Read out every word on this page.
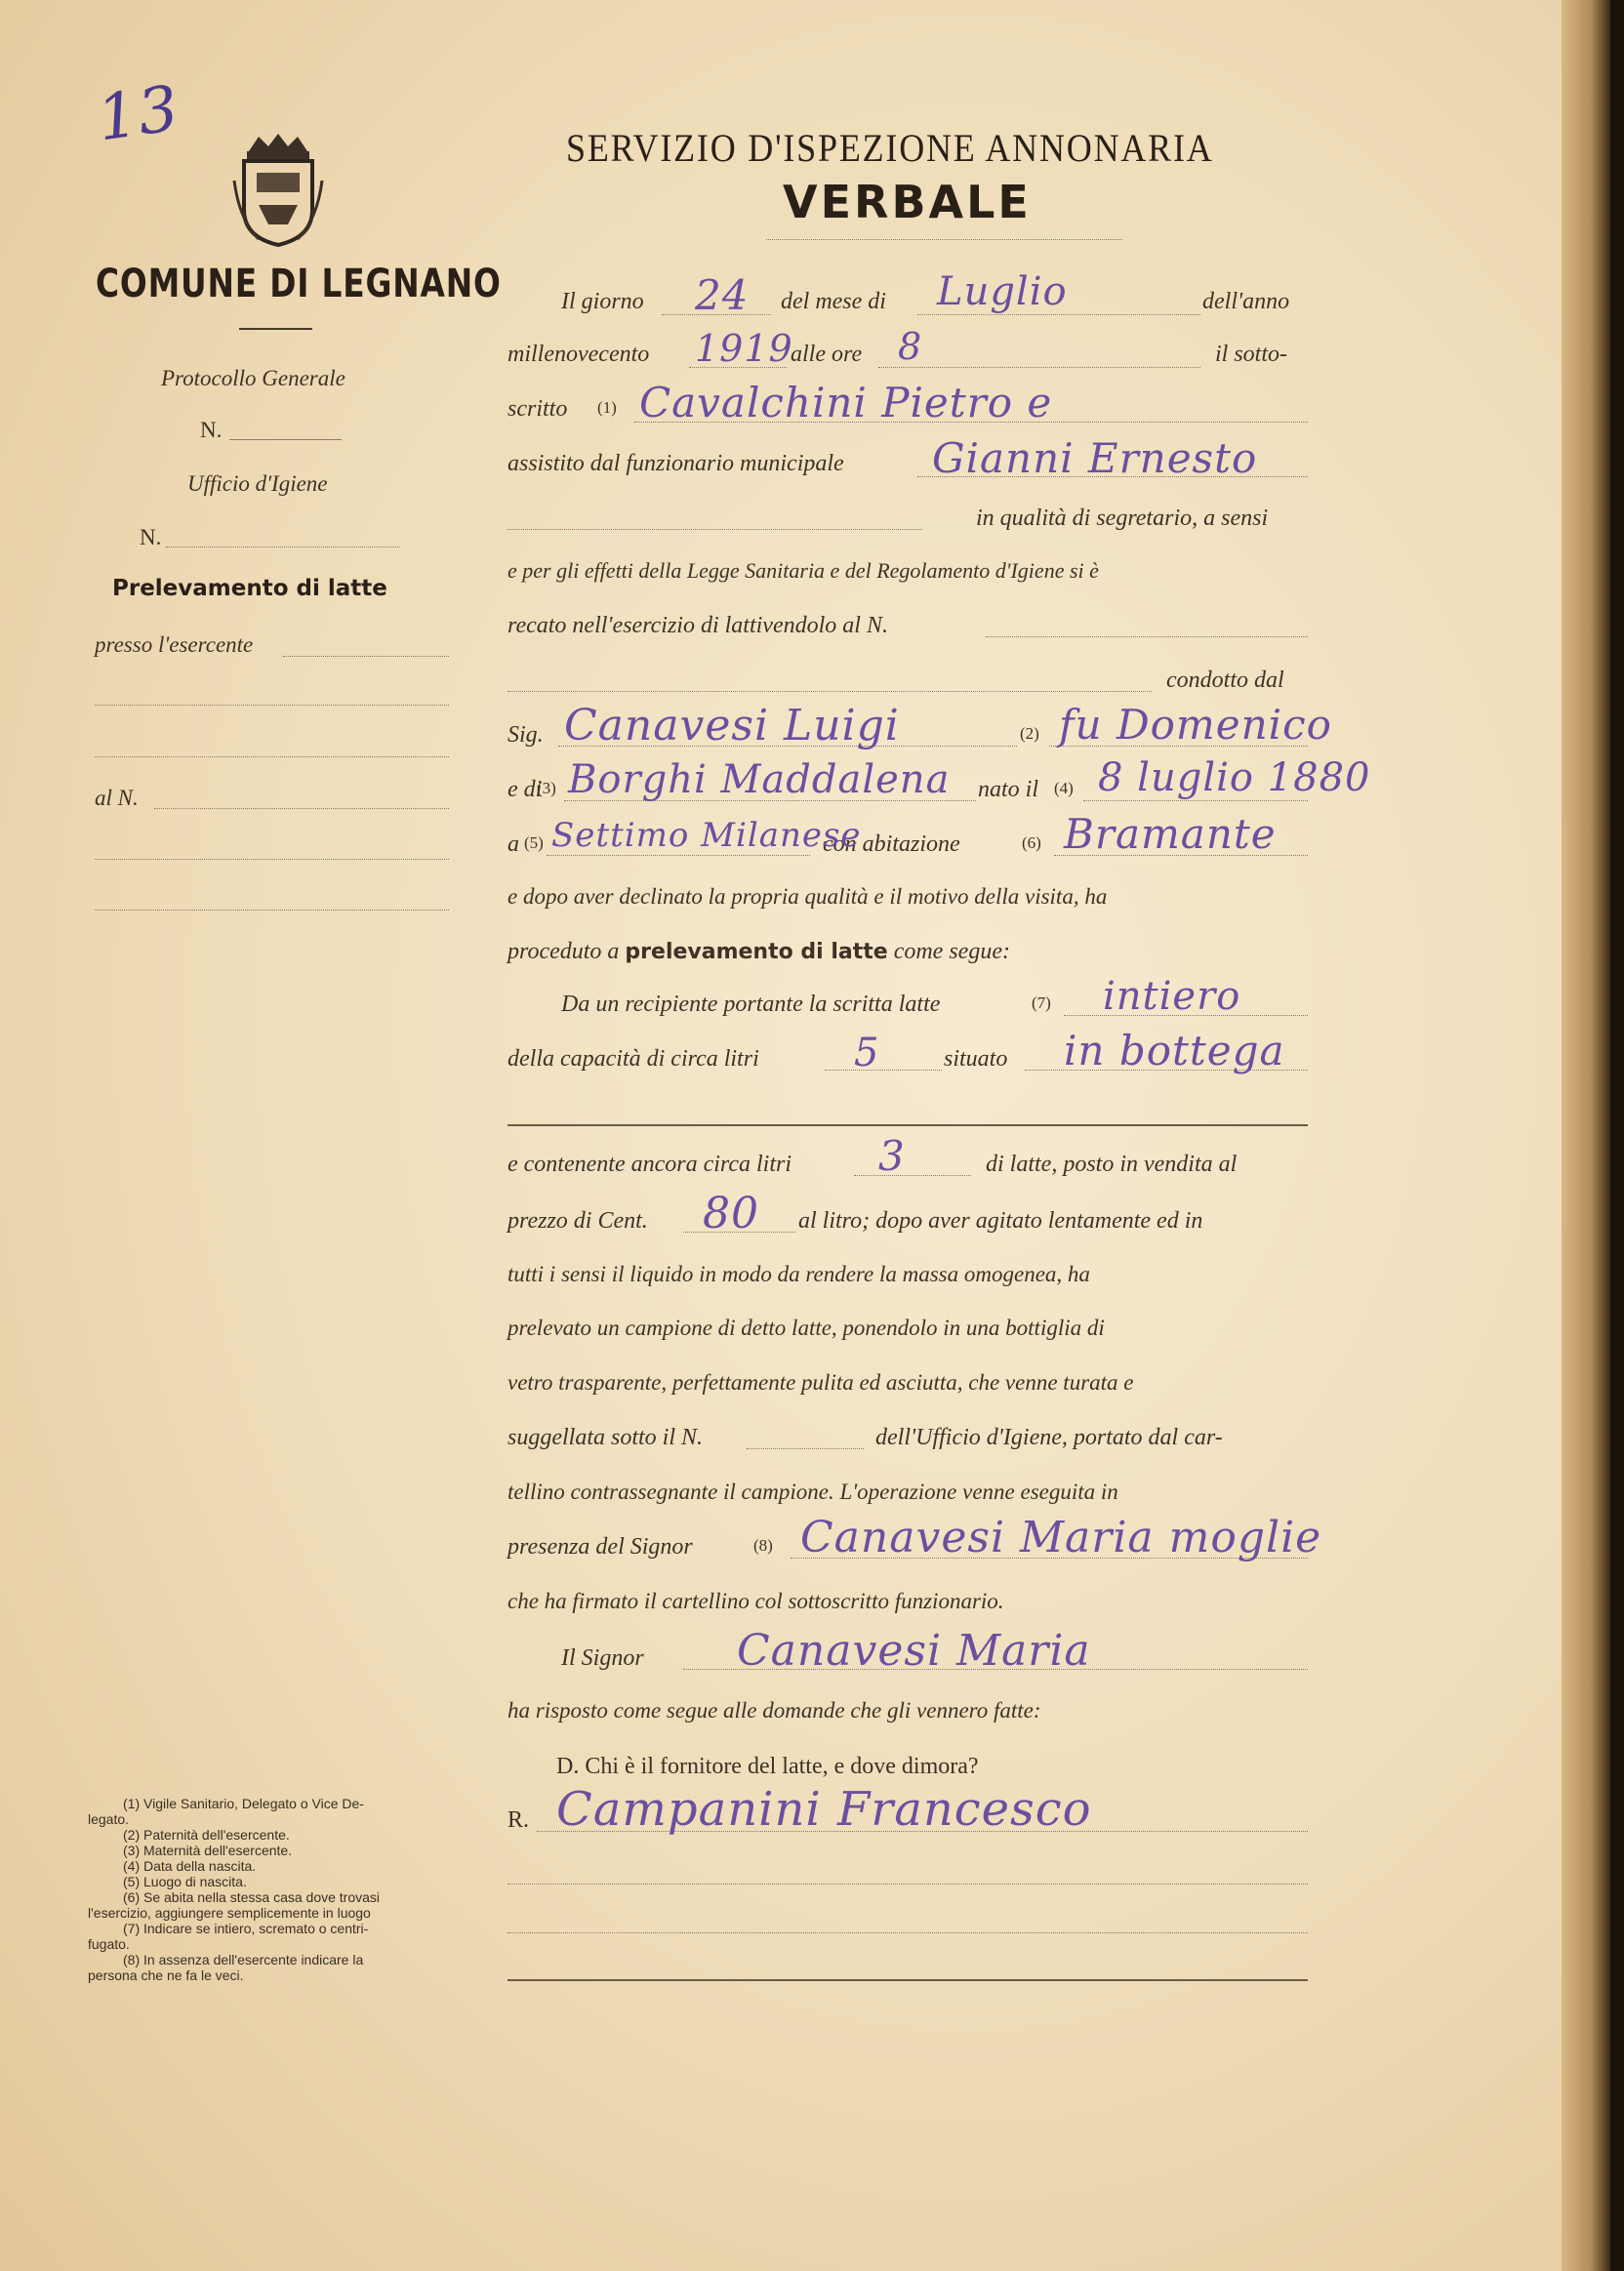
13
COMUNE DI LEGNANO
Protocollo Generale
N.
Ufficio d'Igiene
N.
Prelevamento di latte
presso l'esercente
al N.
SERVIZIO D'ISPEZIONE ANNONARIA
VERBALE
Il giorno	del mese di	dell'anno
24	Luglio
millenovecento	alle ore	il sotto-
1919	8
scritto (1) Cavalchini Pietro e
assistito dal funzionario municipale Gianni Ernesto
in qualità di segretario, a sensi
e per gli effetti della Legge Sanitaria e del Regolamento d'Igiene si è
recato nell'esercizio di lattivendolo al N.
condotto dal
Sig.	(2)
Canavesi Luigi	fu Domenico
e di
(3)	nato il (4)
Borghi Maddalena	8 luglio 1880
a (5)	con abitazione	(6)
Settimo Milanese	Bramante
e dopo aver declinato la propria qualità e il motivo della visita, ha
proceduto a prelevamento di latte come segue:
Da un recipiente portante la scritta latte	(7) intiero
della capacità di circa litri	situato
5	in bottega
e contenente ancora circa litri	di latte, posto in vendita al
3
prezzo di Cent.	al litro; dopo aver agitato lentamente ed in
80
tutti i sensi il liquido in modo da rendere la massa omogenea, ha
prelevato un campione di detto latte, ponendolo in una bottiglia di
vetro trasparente, perfettamente pulita ed asciutta, che venne turata e
suggellata sotto il N.	dell'Ufficio d'Igiene, portato dal car-
tellino contrassegnante il campione. L'operazione venne eseguita in
presenza del Signor	(8) Canavesi Maria moglie
che ha firmato il cartellino col sottoscritto funzionario.
Il Signor Canavesi Maria
ha risposto come segue alle domande che gli vennero fatte:
D. Chi è il fornitore del latte, e dove dimora?
R. Campanini Francesco
(1) Vigile Sanitario, Delegato o Vice De-
legato.
(2) Paternità dell'esercente.
(3) Maternità dell'esercente.
(4) Data della nascita.
(5) Luogo di nascita.
(6) Se abita nella stessa casa dove trovasi
l'esercizio, aggiungere semplicemente in luogo
(7) Indicare se intiero, scremato o centri-
fugato.
(8) In assenza dell'esercente indicare la
persona che ne fa le veci.
